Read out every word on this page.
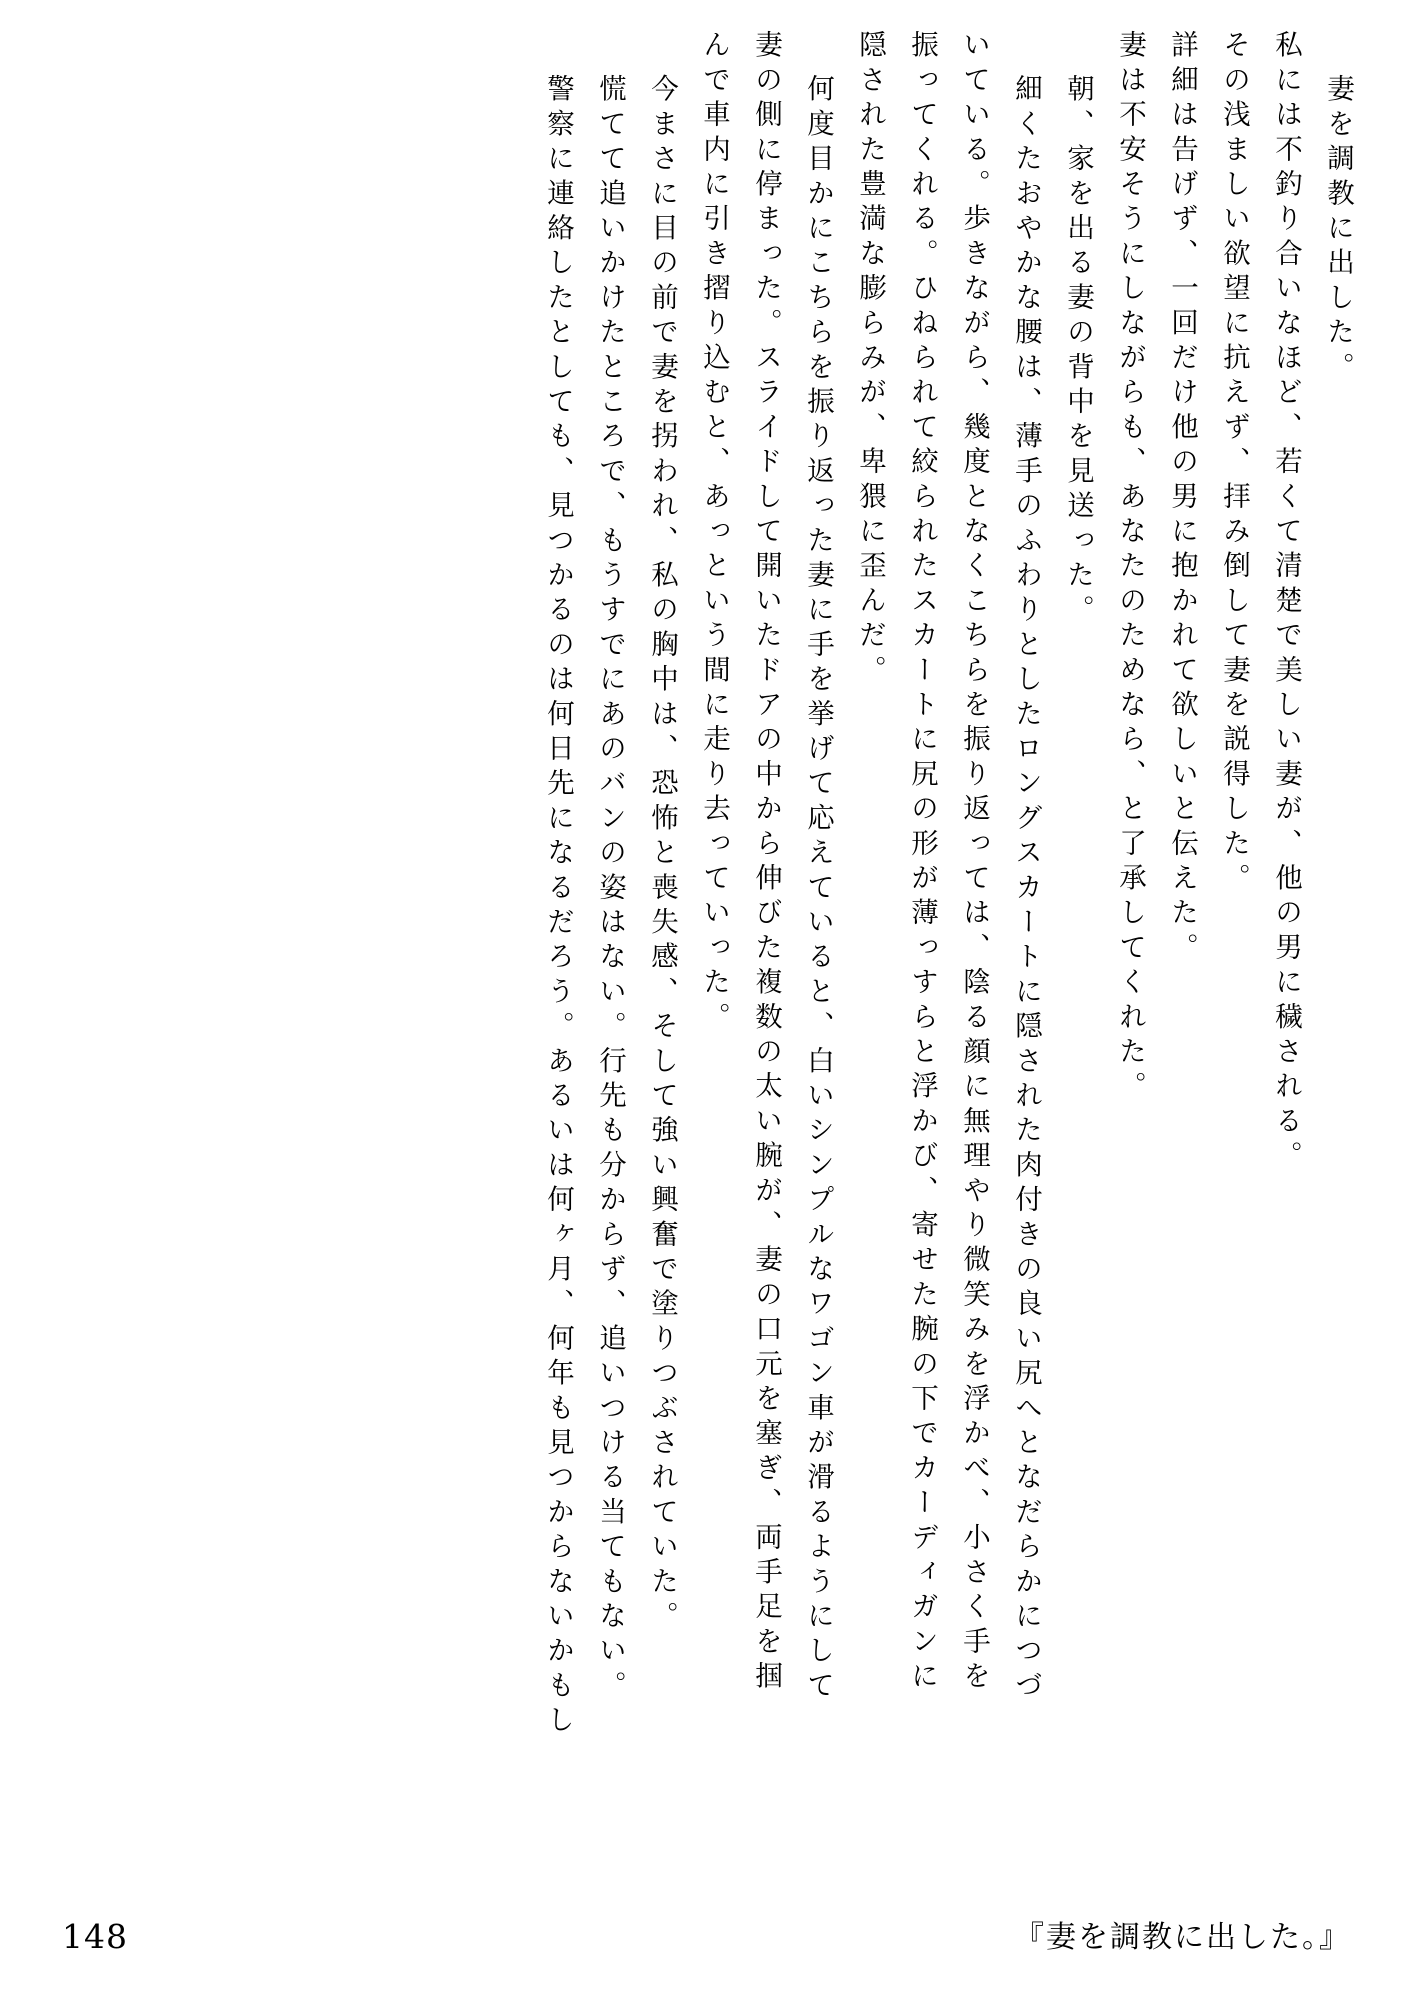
妻を調教に出した。
私には不釣り合いなほど、若くて清楚で美しい妻が、他の男に穢される。
その浅ましい欲望に抗えず、拝み倒して妻を説得した。
詳細は告げず、一回だけ他の男に抱かれて欲しいと伝えた。
妻は不安そうにしながらも、あなたのためなら、と了承してくれた。
朝、家を出る妻の背中を見送った。
細くたおやかな腰は、薄手のふわりとしたロングスカートに隠された肉付きの良い尻へとなだらかにつづ
いている。歩きながら、幾度となくこちらを振り返っては、陰る顔に無理やり微笑みを浮かべ、小さく手を
振ってくれる。ひねられて絞られたスカートに尻の形が薄っすらと浮かび、寄せた腕の下でカーディガンに
隠された豊満な膨らみが、卑猥に歪んだ。
何度目かにこちらを振り返った妻に手を挙げて応えていると、白いシンプルなワゴン車が滑るようにして
妻の側に停まった。スライドして開いたドアの中から伸びた複数の太い腕が、妻の口元を塞ぎ、両手足を掴
んで車内に引き摺り込むと、あっという間に走り去っていった。
今まさに目の前で妻を拐われ、私の胸中は、恐怖と喪失感、そして強い興奮で塗りつぶされていた。
慌てて追いかけたところで、もうすでにあのバンの姿はない。行先も分からず、追いつける当てもない。
警察に連絡したとしても、見つかるのは何日先になるだろう。あるいは何ヶ月、何年も見つからないかもし
148	『妻を調教に出した。』
